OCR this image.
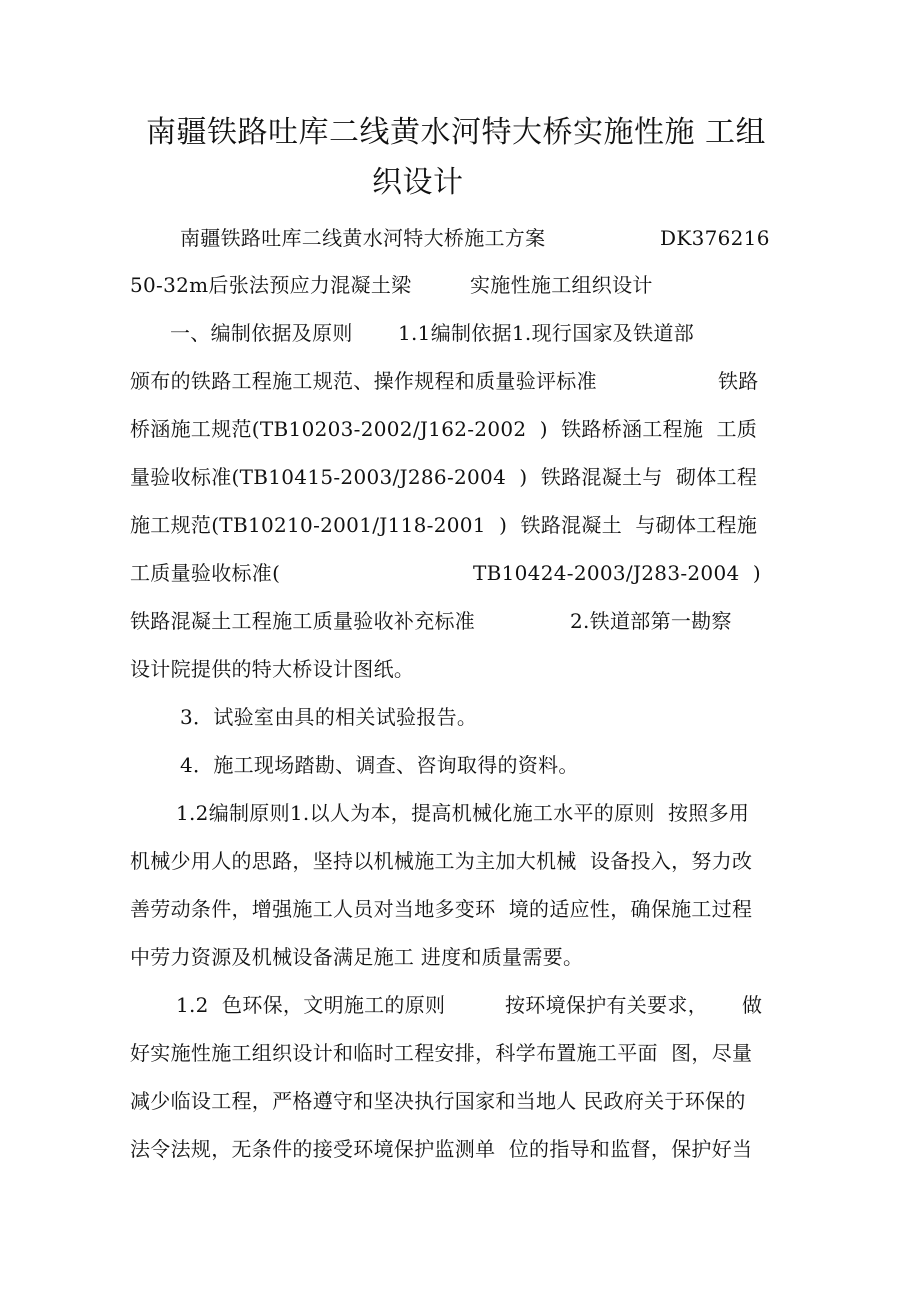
南疆铁路吐库二线黄水河特大桥实施性施 工组
织设计
南疆铁路吐库二线黄水河特大桥施工方案	DK376216
50-32m后张法预应力混凝土梁	实施性施工组织设计
一、编制依据及原则 1.1编制依据1.现行国家及铁道部
颁布的铁路工程施工规范、操作规程和质量验评标准	铁路
桥涵施工规范(TB10203-2002/J162-2002  )  铁路桥涵工程施  工质
量验收标准(TB10415-2003/J286-2004  )  铁路混凝土与  砌体工程
施工规范(TB10210-2001/J118-2001  )  铁路混凝土  与砌体工程施
工质量验收标准(	TB10424-2003/J283-2004  )
铁路混凝土工程施工质量验收补充标准	2.铁道部第一勘察
设计院提供的特大桥设计图纸。
3．试验室由具的相关试验报告。
4．施工现场踏勘、调查、咨询取得的资料。
1.2编制原则1.以人为本，提高机械化施工水平的原则  按照多用
机械少用人的思路，坚持以机械施工为主加大机械  设备投入，努力改
善劳动条件，增强施工人员对当地多变环  境的适应性，确保施工过程
中劳力资源及机械设备满足施工 进度和质量需要。
1.2  色环保，文明施工的原则	按环境保护有关要求， 做
好实施性施工组织设计和临时工程安排，科学布置施工平面  图，尽量
减少临设工程，严格遵守和坚决执行国家和当地人 民政府关于环保的
法令法规，无条件的接受环境保护监测单  位的指导和监督，保护好当
